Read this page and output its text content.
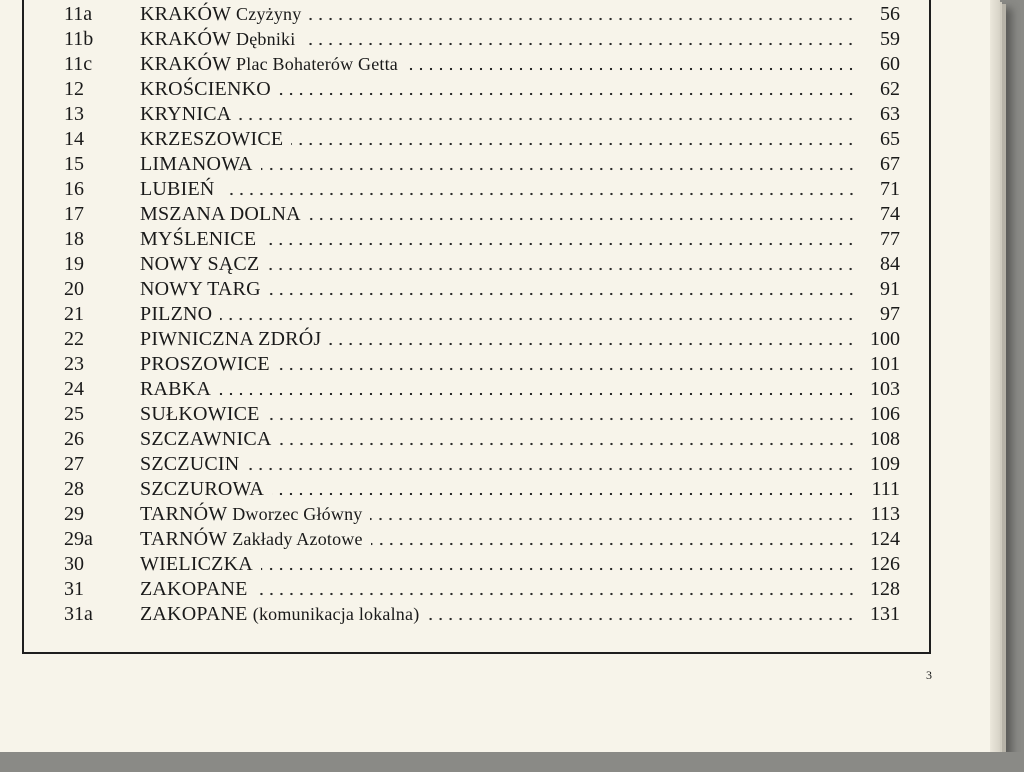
11a	KRAKÓW Czyżyny	56
11b	KRAKÓW Dębniki	59
11c	KRAKÓW Plac Bohaterów Getta	60
12	KROŚCIENKO	62
13	KRYNICA	63
14	KRZESZOWICE	65
15	LIMANOWA	67
16	LUBIEŃ	71
17	MSZANA DOLNA	74
18	MYŚLENICE	77
19	NOWY SĄCZ	84
20	NOWY TARG	91
21	PILZNO	97
22	PIWNICZNA ZDRÓJ	100
23	PROSZOWICE	101
24	RABKA	103
25	SUŁKOWICE	106
26	SZCZAWNICA	108
27	SZCZUCIN	109
28	SZCZUROWA	111
29	TARNÓW Dworzec Główny	113
29a	TARNÓW Zakłady Azotowe	124
30	WIELICZKA	126
31	ZAKOPANE	128
31a	ZAKOPANE (komunikacja lokalna)	131
3
